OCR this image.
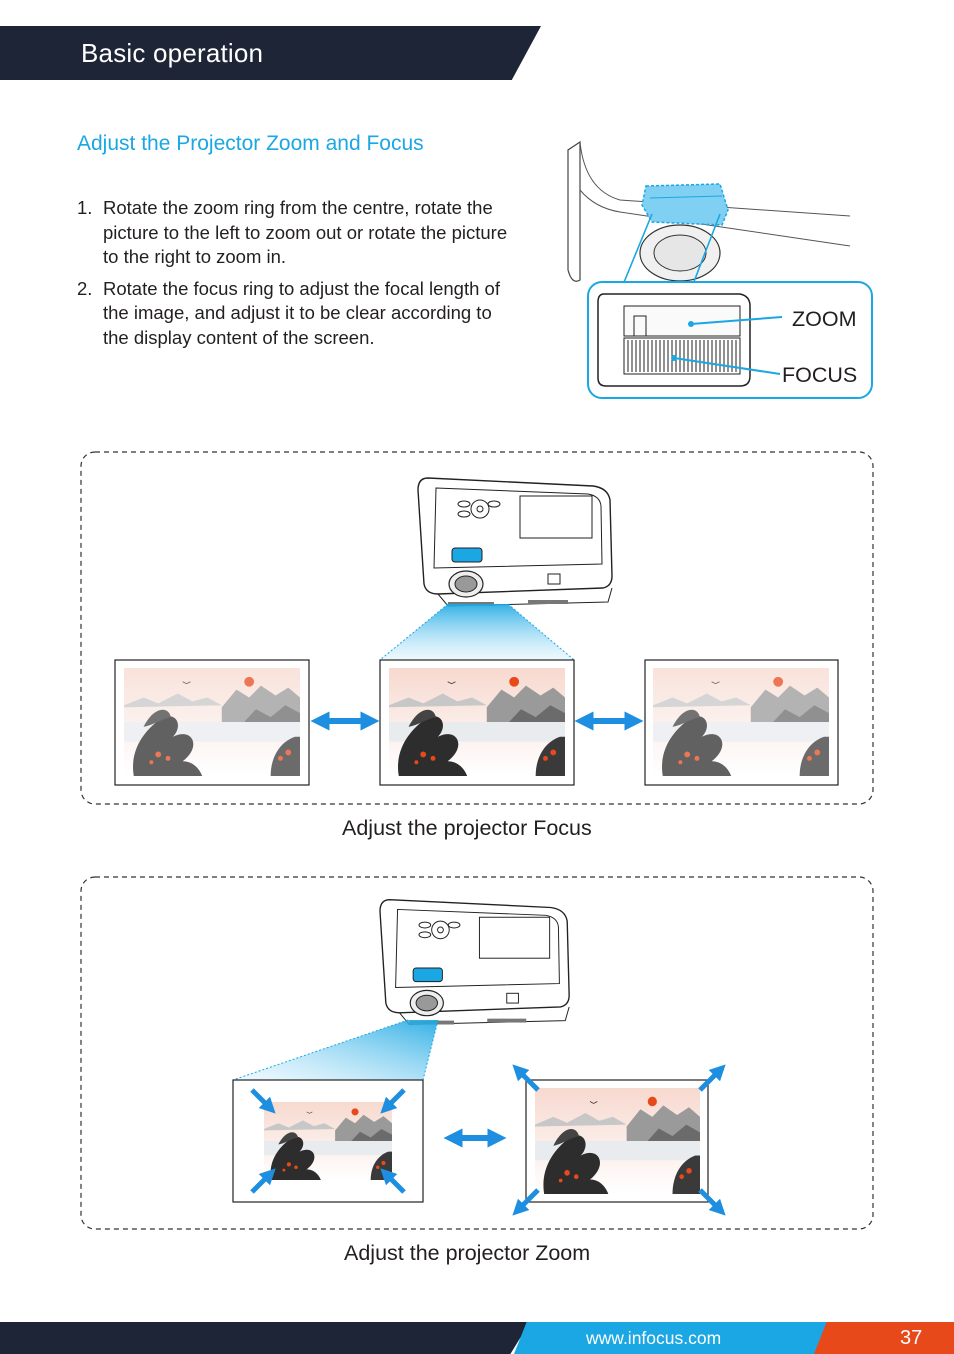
Basic operation
Adjust the Projector Zoom and Focus
1. Rotate the zoom ring from the centre, rotate the picture to the left to zoom out or rotate the picture to the right to zoom in.
2. Rotate the focus ring to adjust the focal length of the image, and adjust it to be clear according to the display content of the screen.
ZOOM
FOCUS
Adjust the projector Focus
Adjust the projector Zoom
www.infocus.com	37
